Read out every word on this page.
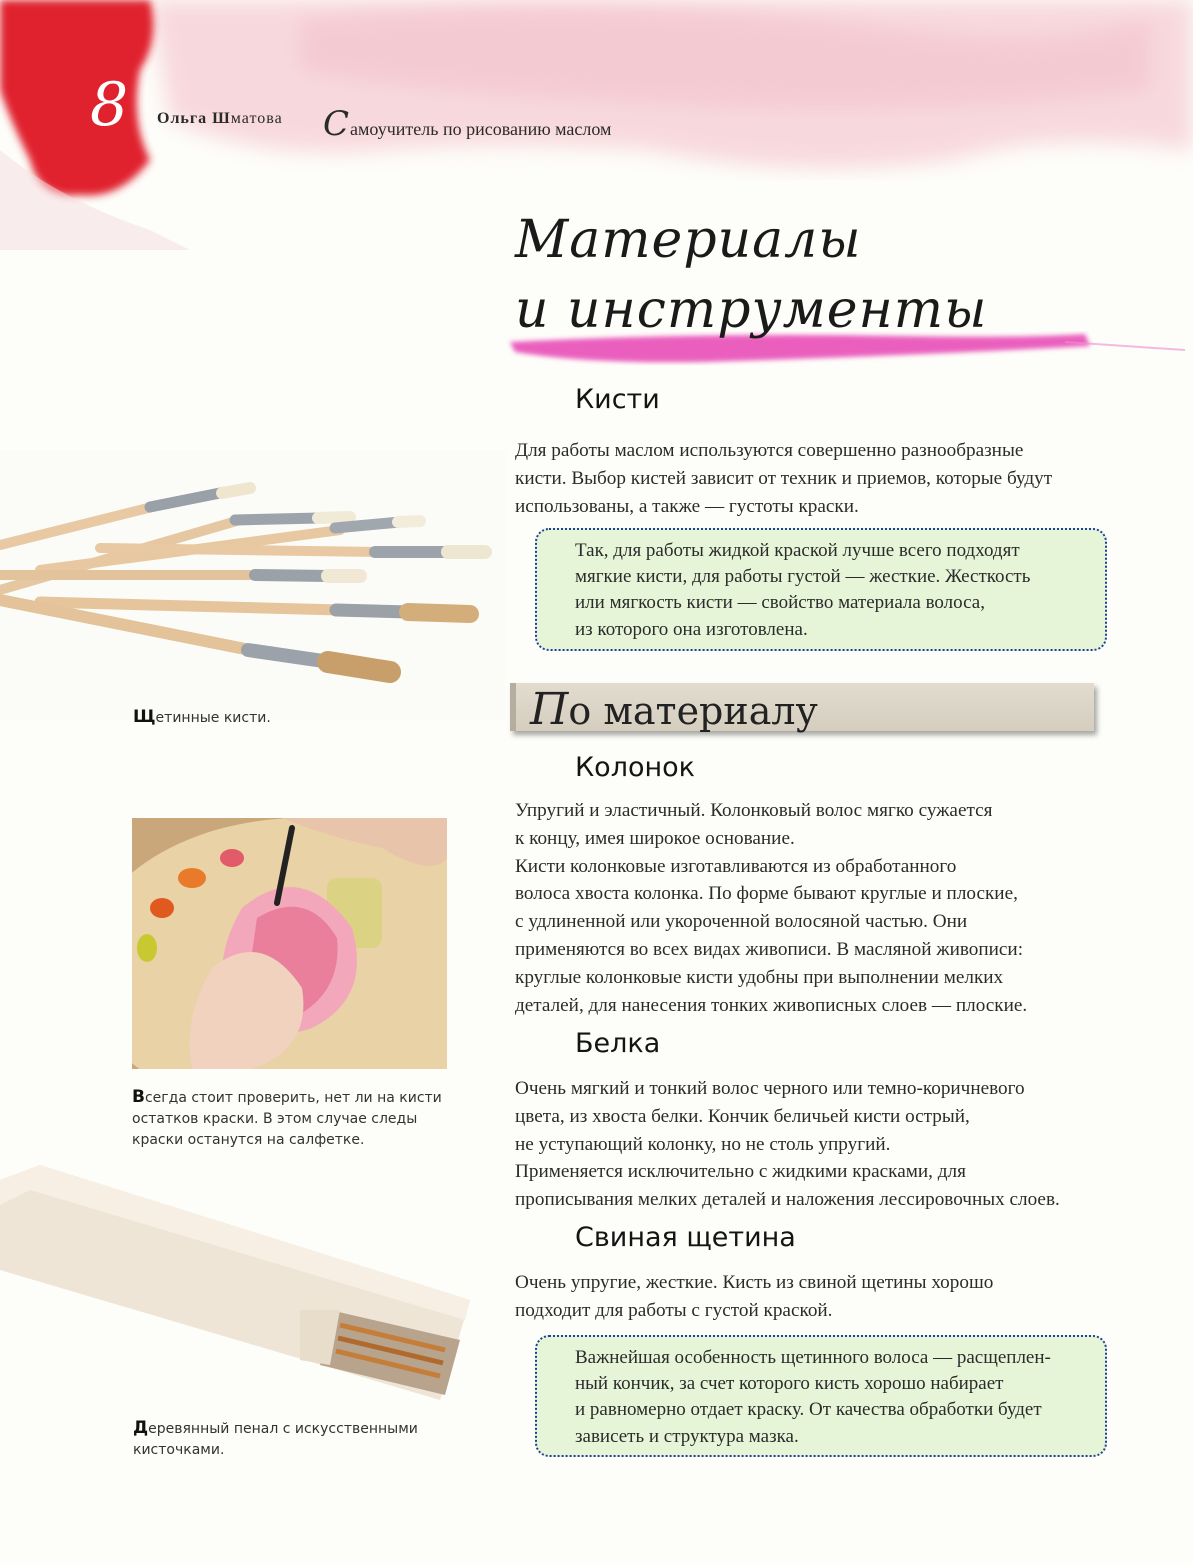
8 Ольга Шматова Самоучитель по рисованию маслом
Материалы
и инструменты
Щетинные кисти.
Кисти
Для работы маслом используются совершенно разнообразные
кисти. Выбор кистей зависит от техник и приемов, которые будут
использованы, а также — густоты краски.
Так, для работы жидкой краской лучше всего подходят
мягкие кисти, для работы густой — жесткие. Жесткость
или мягкость кисти — свойство материала волоса,
из которого она изготовлена.
По материалу
Колонок
Упругий и эластичный. Колонковый волос мягко сужается
к концу, имея широкое основание.
Кисти колонковые изготавливаются из обработанного
волоса хвоста колонка. По форме бывают круглые и плоские,
с удлиненной или укороченной волосяной частью. Они
применяются во всех видах живописи. В масляной живописи:
круглые колонковые кисти удобны при выполнении мелких
деталей, для нанесения тонких живописных слоев — плоские.
Всегда стоит проверить, нет ли на кисти
остатков краски. В этом случае следы
краски останутся на салфетке.
Белка
Очень мягкий и тонкий волос черного или темно-коричневого
цвета, из хвоста белки. Кончик беличьей кисти острый,
не уступающий колонку, но не столь упругий.
Применяется исключительно с жидкими красками, для
прописывания мелких деталей и наложения лессировочных слоев.
Деревянный пенал с искусственными
кисточками.
Свиная щетина
Очень упругие, жесткие. Кисть из свиной щетины хорошо
подходит для работы с густой краской.
Важнейшая особенность щетинного волоса — расщеплен-
ный кончик, за счет которого кисть хорошо набирает
и равномерно отдает краску. От качества обработки будет
зависеть и структура мазка.
